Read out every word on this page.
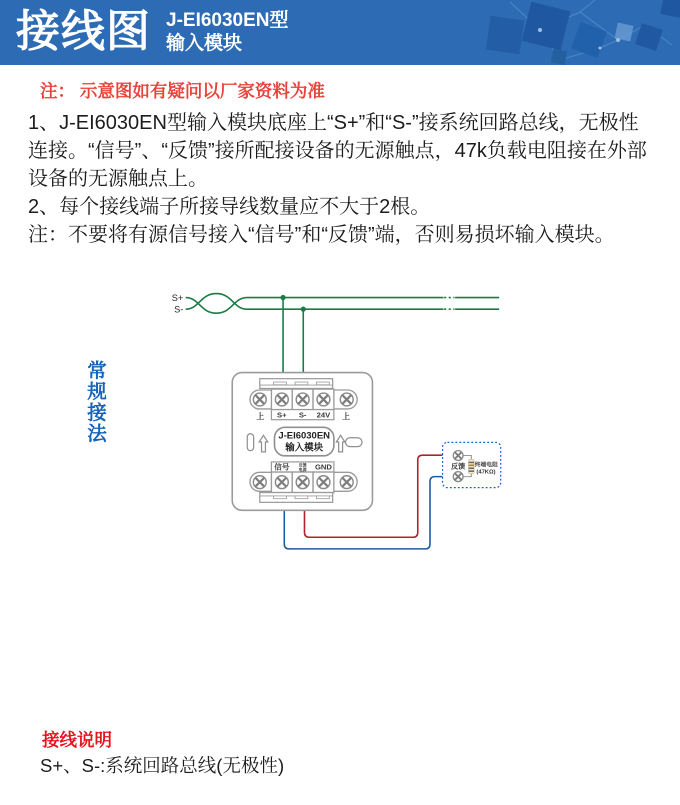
接线图 J-EI6030EN型
输入模块
注： 示意图如有疑问以厂家资料为准

1、J-EI6030EN型输入模块底座上“S+”和“S-”接系统回路总线，无极性连接。“信号”、“反馈”接所配接设备的无源触点，47k负载电阻接在外部设备的无源触点上。

2、每个接线端子所接导线数量应不大于2根。

注：不要将有源信号接入“信号”和“反馈”端，否则易损坏输入模块。

常规接法
S+
S-
S+ S- 24V
上	上
J-EI6030EN
输入模块
信号 反馈
电源 GND	反馈 终端电阻
(47KΩ)
接线说明
S+、S-:系统回路总线(无极性)
